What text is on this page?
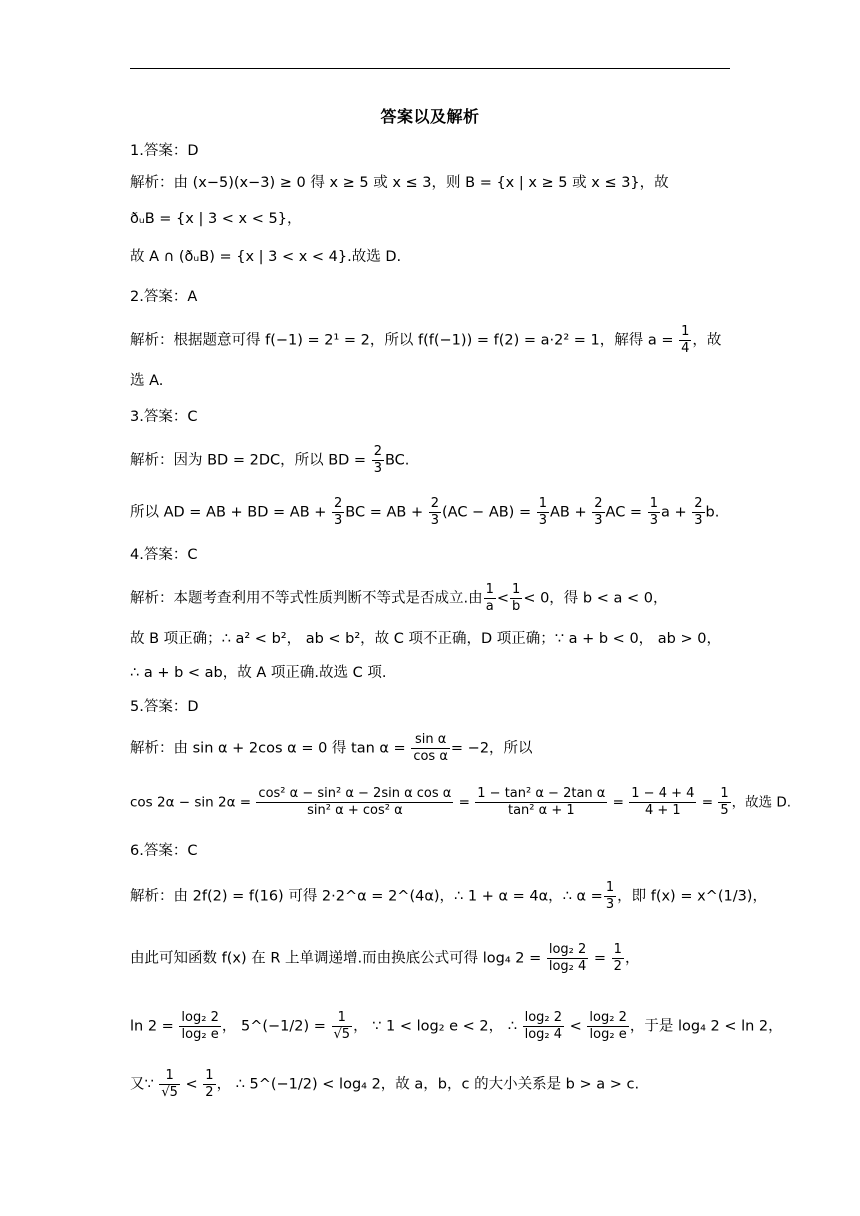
答案以及解析
1.答案：D
解析：由 (x−5)(x−3) ≥ 0 得 x ≥ 5 或 x ≤ 3，则 B = {x | x ≥ 5 或 x ≤ 3}，故
ðᵤB = {x | 3 < x < 5}，
故 A ∩ (ðᵤB) = {x | 3 < x < 4}.故选 D.
2.答案：A
解析：根据题意可得 f(−1) = 2¹ = 2，所以 f(f(−1)) = f(2) = a·2² = 1，解得 $a = \frac{1}{4}$ ，故
选 A.
3.答案：C
解析：因为 BD = 2DC，所以 BD = $\frac{2}{3}$ BC.
所以 AD = AB + BD = AB + $\frac{2}{3}$ BC = AB + $\frac{2}{3} (AC - AB) = \frac{1}{3}$ AB + $\frac{2}{3}$ AC = $\frac{1}{3}$ $a + \frac{2}{3} b$.
4.答案：C
解析：本题考查利用不等式性质判断不等式是否成立.由 $\frac{1}{a} < \frac{1}{b} < 0$，得 b < a < 0，
故 B 项正确；∴ a² < b²， ab < b²，故 C 项不正确，D 项正确；∵ a + b < 0， ab > 0，
∴ a + b < ab，故 A 项正确.故选 C 项.
5.答案：D
解析：由 sin α + 2cos α = 0 得 $\tan \alpha = \frac{\text{sin α}}{\text{cos α}} = -2$，所以
$\cos 2\alpha - \sin 2\alpha = \frac{\text{cos² α − sin² α − 2sin α cos α}}{\text{sin² α + cos² α}} = \frac{\text{1 − tan² α − 2tan α}}{\text{tan² α + 1}} = \frac{1 - 4 + 4}{4 + 1} = \frac{1}{5}$ ，故选 D.
6.答案：C
解析：由 2f(2) = f(16) 可得 2·2^α = 2^(4α)，∴ 1 + α = 4α，∴ $\alpha = \frac{1}{3}$ ，即 f(x) = x^(1/3)，
由此可知函数 f(x) 在 R 上单调递增.而由换底公式可得 log₄ $2 = \frac{\text{log₂ 2}}{\text{log₂ 4}} = \frac{1}{2}$ ，
$\ln 2 = \frac{\text{log₂ 2}}{\text{log₂ e}}$ ， 5^(−1/2) = $\frac{1}{√5}$ ， ∵ 1 < log₂ e < 2， ∴ $\frac{\text{log₂ 2}}{\text{log₂ 4}} < \frac{\text{log₂ 2}}{\text{log₂ e}}$ ，于是 log₄ 2 < ln 2，
又∵ $\frac{1}{√5} < \frac{1}{2}$ ， ∴ 5^(−1/2) < log₄ 2，故 a，b，c 的大小关系是 b > a > c.
